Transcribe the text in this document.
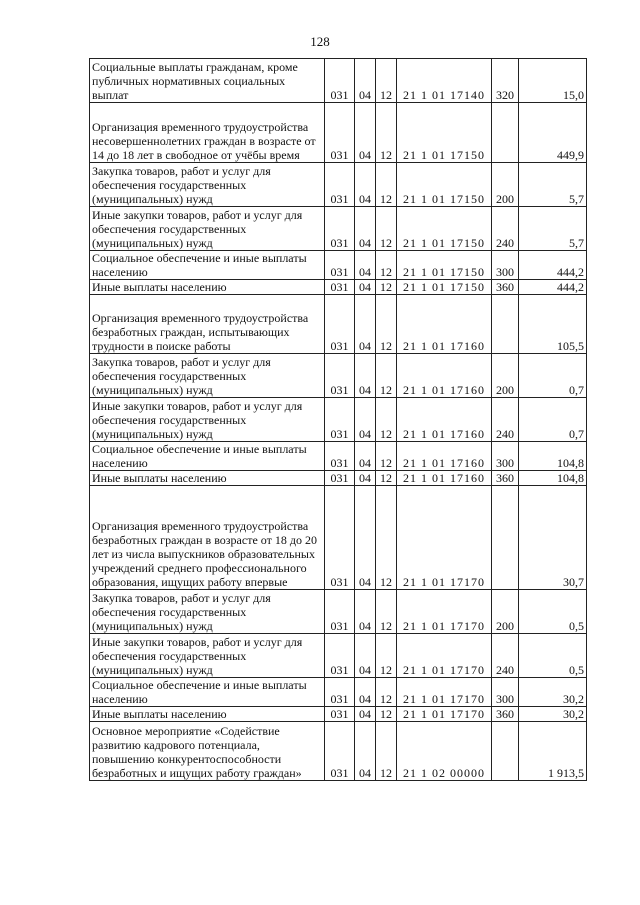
128
Социальные выплаты гражданам, кроме публичных нормативных социальных выплат	031	04	12	21 1 01 17140	320	15,0
Организация временного трудоустройства несовершеннолетних граждан в возрасте от 14 до 18 лет в свободное от учёбы время	031	04	12	21 1 01 17150		449,9
Закупка товаров, работ и услуг для обеспечения государственных (муниципальных) нужд	031	04	12	21 1 01 17150	200	5,7
Иные закупки товаров, работ и услуг для обеспечения государственных (муниципальных) нужд	031	04	12	21 1 01 17150	240	5,7
Социальное обеспечение и иные выплаты населению	031	04	12	21 1 01 17150	300	444,2
Иные выплаты населению	031	04	12	21 1 01 17150	360	444,2
Организация временного трудоустройства безработных граждан, испытывающих трудности в поиске работы	031	04	12	21 1 01 17160		105,5
Закупка товаров, работ и услуг для обеспечения государственных (муниципальных) нужд	031	04	12	21 1 01 17160	200	0,7
Иные закупки товаров, работ и услуг для обеспечения государственных (муниципальных) нужд	031	04	12	21 1 01 17160	240	0,7
Социальное обеспечение и иные выплаты населению	031	04	12	21 1 01 17160	300	104,8
Иные выплаты населению	031	04	12	21 1 01 17160	360	104,8
Организация временного трудоустройства безработных граждан в возрасте от 18 до 20 лет из числа выпускников образовательных учреждений среднего профессионального образования, ищущих работу впервые	031	04	12	21 1 01 17170		30,7
Закупка товаров, работ и услуг для обеспечения государственных (муниципальных) нужд	031	04	12	21 1 01 17170	200	0,5
Иные закупки товаров, работ и услуг для обеспечения государственных (муниципальных) нужд	031	04	12	21 1 01 17170	240	0,5
Социальное обеспечение и иные выплаты населению	031	04	12	21 1 01 17170	300	30,2
Иные выплаты населению	031	04	12	21 1 01 17170	360	30,2
Основное мероприятие «Содействие развитию кадрового потенциала, повышению конкурентоспособности безработных и ищущих работу граждан»	031	04	12	21 1 02 00000		1 913,5
